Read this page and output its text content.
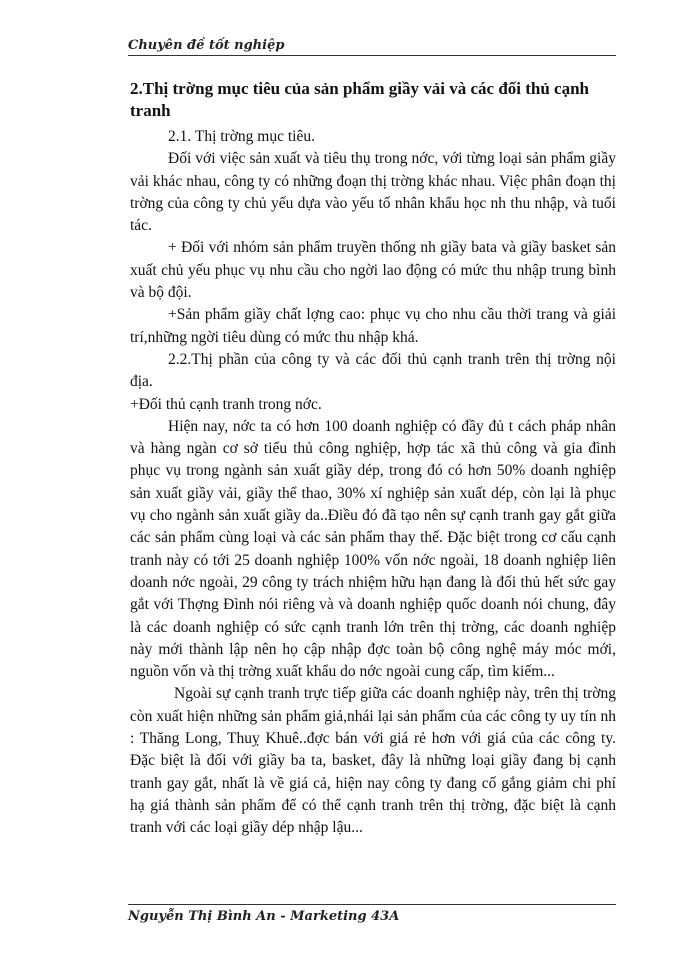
Chuyên đề tốt nghiệp

2.Thị trờng mục tiêu của sản phẩm giầy vải và các đối thủ cạnh tranh

2.1. Thị trờng mục tiêu.

Đối với việc sản xuất và tiêu thụ trong nớc, với từng loại sản phẩm giầy vải khác nhau, công ty có những đoạn thị trờng khác nhau. Việc phân đoạn thị trờng của công ty chủ yếu dựa vào yếu tố nhân khẩu học nh thu nhập, và tuổi tác.

+ Đối với nhóm sản phẩm truyền thống nh giầy bata và giầy basket sản xuất chủ yếu phục vụ nhu cầu cho ngời lao động có mức thu nhập trung bình và bộ đội.

+Sản phẩm giầy chất lợng cao: phục vụ cho nhu cầu thời trang và giải trí,những ngời tiêu dùng có mức thu nhập khá.

2.2.Thị phần của công ty và các đối thủ cạnh tranh trên thị trờng nội địa.

+Đối thủ cạnh tranh trong nớc.

Hiện nay, nớc ta có hơn 100 doanh nghiệp có đầy đủ t cách pháp nhân và hàng ngàn cơ sở tiểu thủ công nghiệp, hợp tác xã thủ công và gia đình phục vụ trong ngành sản xuất giầy dép, trong đó có hơn 50% doanh nghiệp sản xuất giầy vải, giầy thể thao, 30% xí nghiệp sản xuất dép, còn lại là phục vụ cho ngành sản xuất giầy da..Điều đó đã tạo nên sự cạnh tranh gay gắt giữa các sản phẩm cùng loại và các sản phẩm thay thế. Đặc biệt trong cơ cấu cạnh tranh này có tới 25 doanh nghiệp 100% vốn nớc ngoài, 18 doanh nghiệp liên doanh nớc ngoài, 29 công ty trách nhiệm hữu hạn đang là đối thủ hết sức gay gắt với Thợng Đình nói riêng và và doanh nghiệp quốc doanh nói chung, đây là các doanh nghiệp có sức cạnh tranh lớn trên thị trờng, các doanh nghiệp này mới thành lập nên họ cập nhập đợc toàn bộ công nghệ máy móc mới, nguồn vốn và thị trờng xuất khẩu do nớc ngoài cung cấp, tìm kiếm...

Ngoài sự cạnh tranh trực tiếp giữa các doanh nghiệp này, trên thị trờng còn xuất hiện những sản phẩm giả,nhái lại sản phẩm của các công ty uy tín nh : Thăng Long, Thuỵ Khuê..đợc bán với giá rẻ hơn với giá của các công ty. Đặc biệt là đối với giầy ba ta, basket, đây là những loại giầy đang bị cạnh tranh gay gắt, nhất là về giá cả, hiện nay công ty đang cố gắng giảm chi phí hạ giá thành sản phẩm để có thể cạnh tranh trên thị trờng, đặc biệt là cạnh tranh với các loại giầy dép nhập lậu...

Nguyễn Thị Bình An - Marketing 43A
